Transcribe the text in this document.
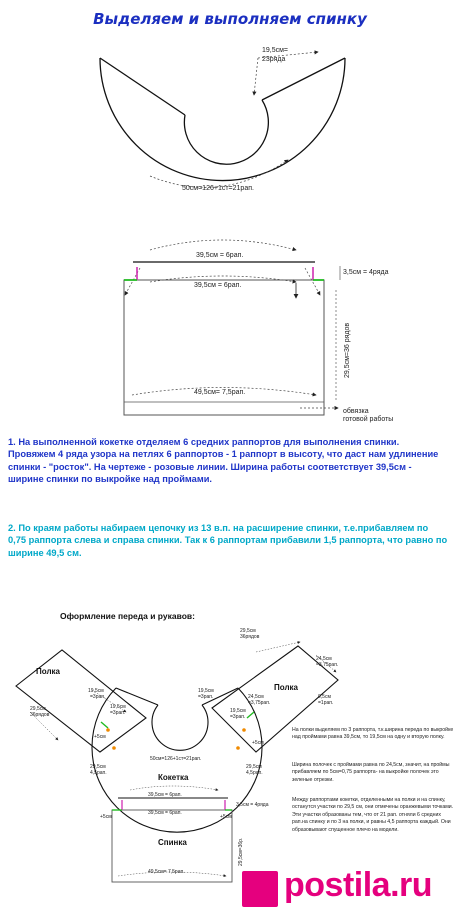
Выделяем и выполняем спинку
19,5см=
23ряда
50см=126+1ст=21рап.
39,5см = 6рап.
39,5см = 6рап.
3,5см = 4ряда
29,5см=36 рядов
49,5см= 7,5рап.
обвязка
готовой работы
Полка
Полка
Кокетка
Спинка
29,5см
36рядов
19,5см
=3рап.
19,5см
=3рап.
29,5см
4,5рап.
+5см
29,5см
36рядов
24,5см
=3,75рап.
19,5см
=3рап.	24,5см
=3,75рап.
0,5см
=1рап.
19,5см
=3рап.
29,5см
4,5рап.
+5см
50см=126+1ст=21рап.
39,5см = 6рап.
39,5см = 6рап.
3,5см = 4ряда
29,5см=36р.
+5см	+5см
49,5см= 7,5рап.

1. На выполненной кокетке отделяем 6 средних раппортов для выполнения спинки. Провяжем 4 ряда узора на петлях 6 раппортов - 1 раппорт в высоту, что даст нам удлинение спинки - "росток". На чертеже - розовые линии. Ширина работы соответствует 39,5см - ширине спинки по выкройке над проймами.

2. По краям работы набираем цепочку из 13 в.п. на расширение спинки, т.е.прибавляем по 0,75 раппорта слева и справа спинки. Так к 6 раппортам прибавили 1,5 раппорта, что равно по ширине 49,5 см.

Оформление переда и рукавов:

На полки выделяем по 3 раппорта, т.к.ширина переда по выкройке над проймами равна 39,5см, то 19,5см на одну и вторую полку.

Ширина полочек с проймами равна по 24,5см, значит, на проймы прибавляем по 5см=0,75 раппорта- на выкройке полочек это зеленые отрезки.

Между раппортами кокетки, отделенными на полки и на спинку, останутся участки по 29,5 см, они отмечены оранжевыми точками. Эти участки образованы тем, что от 21 рап. отняли 6 средних рап.на спинку и по 3 на полки, и равны 4,5 раппорта каждый. Они образовывают спущенное плечо на модели.

postila.ru
